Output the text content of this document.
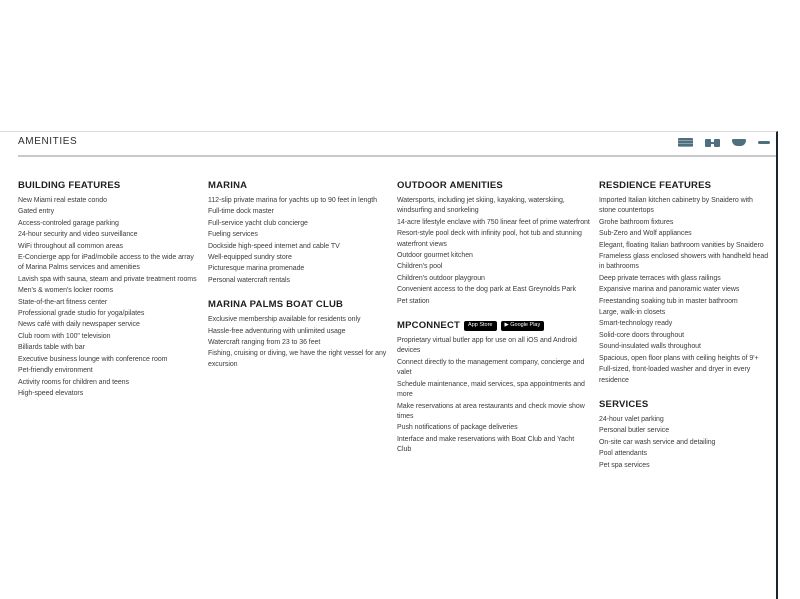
AMENITIES
BUILDING FEATURES
New Miami real estate condo
Gated entry
Access-controled garage parking
24-hour security and video surveillance
WiFi throughout all common areas
E-Concierge app for iPad/mobile access to the wide array of Marina Palms services and amenities
Lavish spa with sauna, steam and private treatment rooms
Men's & women's locker rooms
State-of-the-art fitness center
Professional grade studio for yoga/pilates
News café with daily newspaper service
Club room with 100" television
Billiards table with bar
Executive business lounge with conference room
Pet-friendly environment
Activity rooms for children and teens
High-speed elevators
MARINA
112-slip private marina for yachts up to 90 feet in length
Full-time dock master
Full-service yacht club concierge
Fueling services
Dockside high-speed internet and cable TV
Well-equipped sundry store
Picturesque marina promenade
Personal watercraft rentals
MARINA PALMS BOAT CLUB
Exclusive membership available for residents only
Hassle-free adventuring with unlimited usage
Watercraft ranging from 23 to 36 feet
Fishing, cruising or diving, we have the right vessel for any excursion
OUTDOOR AMENITIES
Watersports, including jet skiing, kayaking, waterskiing, windsurfing and snorkeling
14-acre lifestyle enclave with 750 linear feet of prime waterfront
Resort-style pool deck with infinity pool, hot tub and stunning waterfront views
Outdoor gourmet kitchen
Children's pool
Children's outdoor playgroun
Convenient access to the dog park at East Greynolds Park
Pet station
MPCONNECT	App Store	▶ Google Play
Proprietary virtual butler app for use on all iOS and Android devices
Connect directly to the management company, concierge and valet
Schedule maintenance, maid services, spa appointments and more
Make reservations at area restaurants and check movie show times
Push notifications of package deliveries
Interface and make reservations with Boat Club and Yacht Club
RESDIENCE FEATURES
Imported Italian kitchen cabinetry by Snaidero with stone countertops
Grohe bathroom fixtures
Sub-Zero and Wolf appliances
Elegant, floating Italian bathroom vanities by Snaidero
Frameless glass enclosed showers with handheld head in bathrooms
Deep private terraces with glass railings
Expansive marina and panoramic water views
Freestanding soaking tub in master bathroom
Large, walk-in closets
Smart-technology ready
Solid-core doors throughout
Sound-insulated walls throughout
Spacious, open floor plans with ceiling heights of 9'+
Full-sized, front-loaded washer and dryer in every residence
SERVICES
24-hour valet parking
Personal butler service
On-site car wash service and detailing
Pool attendants
Pet spa services
